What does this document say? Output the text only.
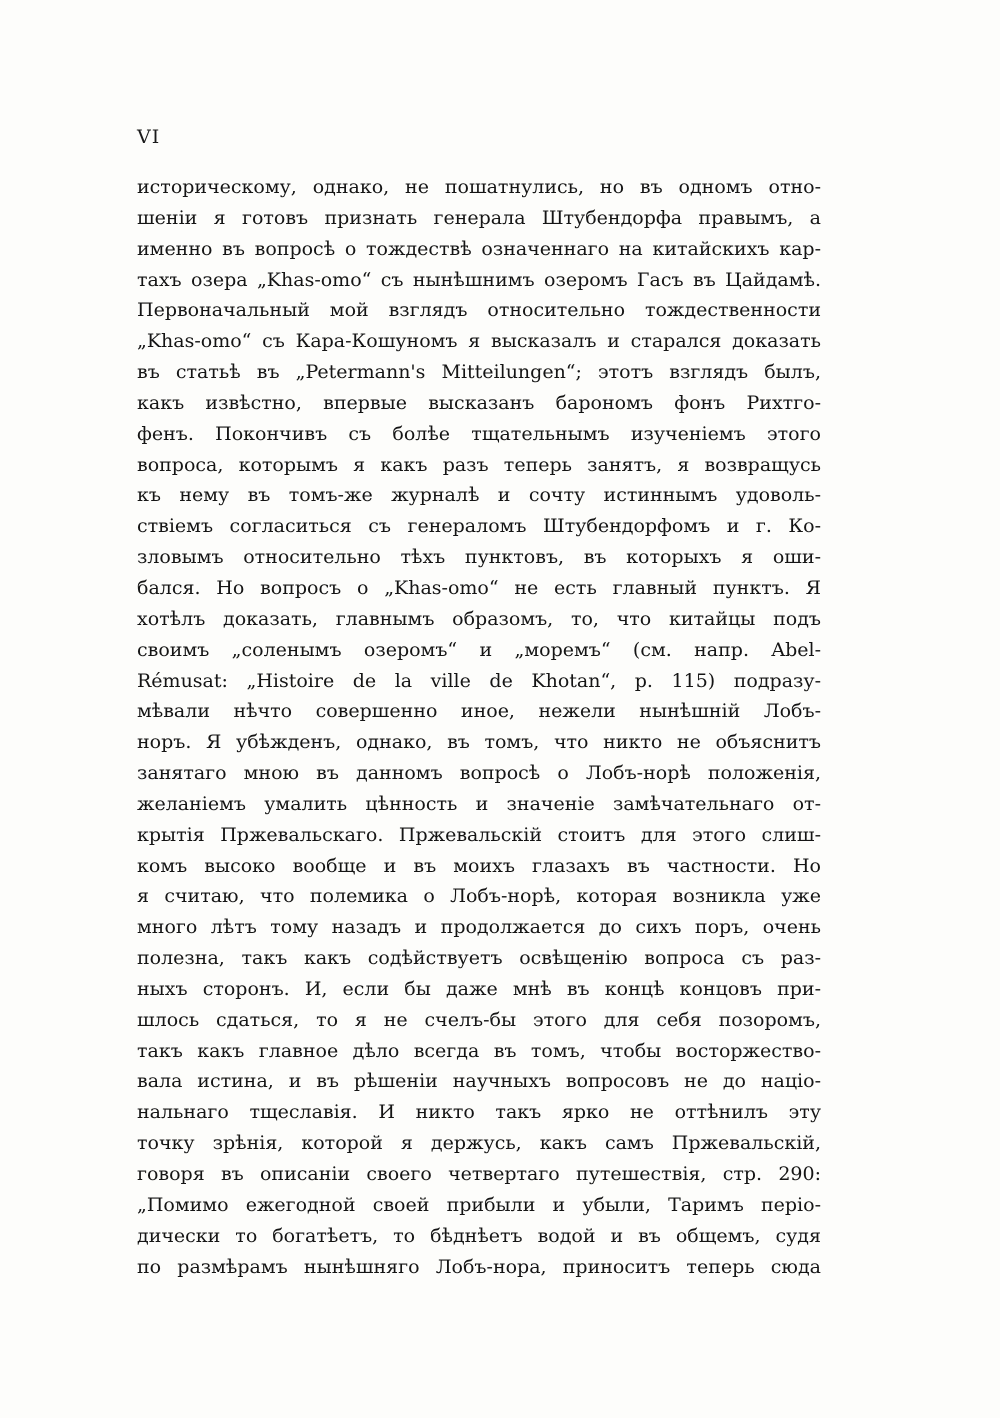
VI
историческому, однако, не пошатнулись, но въ одномъ отно-
шеніи я готовъ признать генерала Штубендорфа правымъ, а
именно въ вопросѣ о тождествѣ означеннаго на китайскихъ кар-
тахъ озера „Khas-omo“ съ нынѣшнимъ озеромъ Гасъ въ Цайдамѣ.
Первоначальный мой взглядъ относительно тождественности
„Khas-omo“ съ Кара-Кошуномъ я высказалъ и старался доказать
въ статьѣ въ „Petermann's Mitteilungen“; этотъ взглядъ былъ,
какъ извѣстно, впервые высказанъ барономъ фонъ Рихтго-
фенъ. Покончивъ съ болѣе тщательнымъ изученіемъ этого
вопроса, которымъ я какъ разъ теперь занятъ, я возвращусь
къ нему въ томъ-же журналѣ и сочту истиннымъ удоволь-
ствіемъ согласиться съ генераломъ Штубендорфомъ и г. Ко-
зловымъ относительно тѣхъ пунктовъ, въ которыхъ я оши-
бался. Но вопросъ о „Khas-omo“ не есть главный пунктъ. Я
хотѣлъ доказать, главнымъ образомъ, то, что китайцы подъ
своимъ „соленымъ озеромъ“ и „моремъ“ (см. напр. Abel-
Rémusat: „Histoire de la ville de Khotan“, p. 115) подразу-
мѣвали нѣчто совершенно иное, нежели нынѣшній Лобъ-
норъ. Я убѣжденъ, однако, въ томъ, что никто не объяснитъ
занятаго мною въ данномъ вопросѣ о Лобъ-норѣ положенія,
желаніемъ умалить цѣнность и значеніе замѣчательнаго от-
крытія Пржевальскаго. Пржевальскій стоитъ для этого слиш-
комъ высоко вообще и въ моихъ глазахъ въ частности. Но
я считаю, что полемика о Лобъ-норѣ, которая возникла уже
много лѣтъ тому назадъ и продолжается до сихъ поръ, очень
полезна, такъ какъ содѣйствуетъ освѣщенію вопроса съ раз-
ныхъ сторонъ. И, если бы даже мнѣ въ концѣ концовъ при-
шлось сдаться, то я не счелъ-бы этого для себя позоромъ,
такъ какъ главное дѣло всегда въ томъ, чтобы восторжество-
вала истина, и въ рѣшеніи научныхъ вопросовъ не до націо-
нальнаго тщеславія. И никто такъ ярко не оттѣнилъ эту
точку зрѣнія, которой я держусь, какъ самъ Пржевальскій,
говоря въ описаніи своего четвертаго путешествія, стр. 290:
„Помимо ежегодной своей прибыли и убыли, Таримъ періо-
дически то богатѣетъ, то бѣднѣетъ водой и въ общемъ, судя
по размѣрамъ нынѣшняго Лобъ-нора, приноситъ теперь сюда
